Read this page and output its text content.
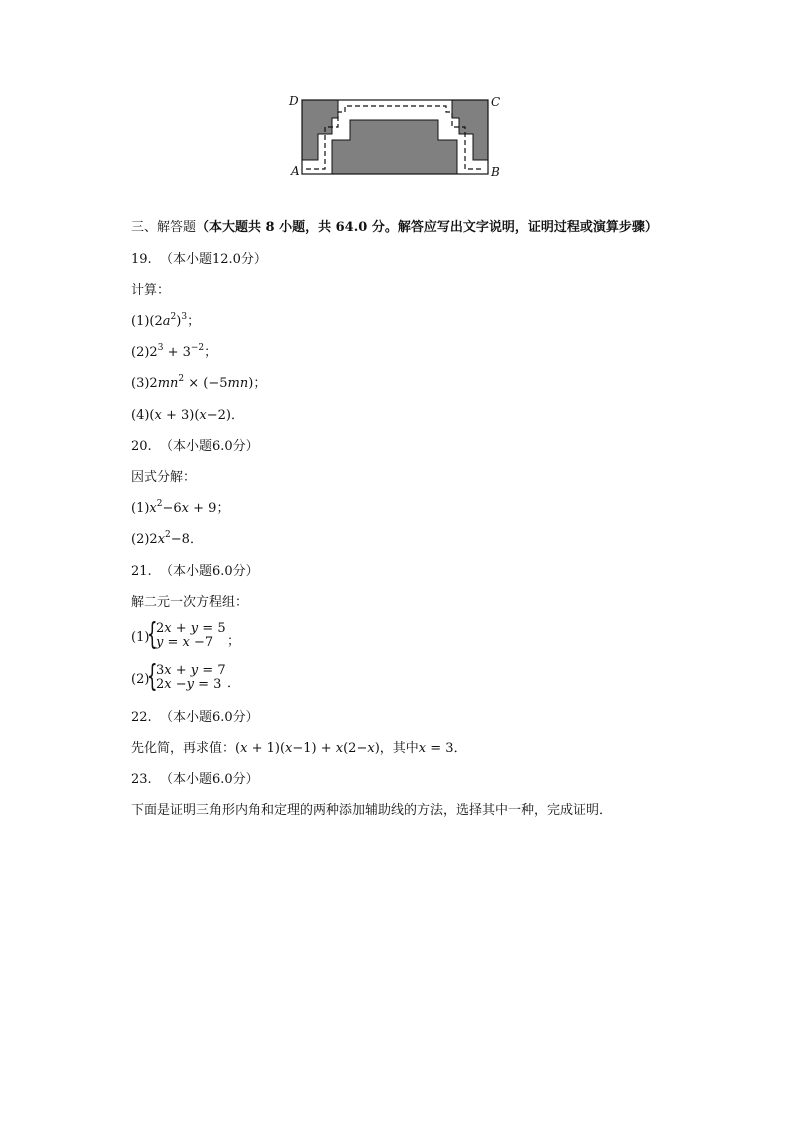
D	C
A	B
三、解答题（本大题共 8 小题，共 64.0 分。解答应写出文字说明，证明过程或演算步骤）
19. （本小题12.0分）
计算：
$(1)(2a^2)^3$；
$(2)2^3 + 3^{-2}$；
$(3)2mn^2 \times (-5mn)$；
(4)(x + 3)(x−2)．
20. （本小题6.0分）
因式分解：
$(1)x^2-6x + 9$；
$(2)2x^2-8$．
21. （本小题6.0分）
解二元一次方程组：
(1)
{
2x + y = 5
y = x −7 ；
(2)
{
3x + y = 7
2x −y = 3 ．
22. （本小题6.0分）
先化简，再求值：(x + 1)(x−1) + x(2−x)，其中x = 3．
23. （本小题6.0分）
下面是证明三角形内角和定理的两种添加辅助线的方法，选择其中一种，完成证明．
